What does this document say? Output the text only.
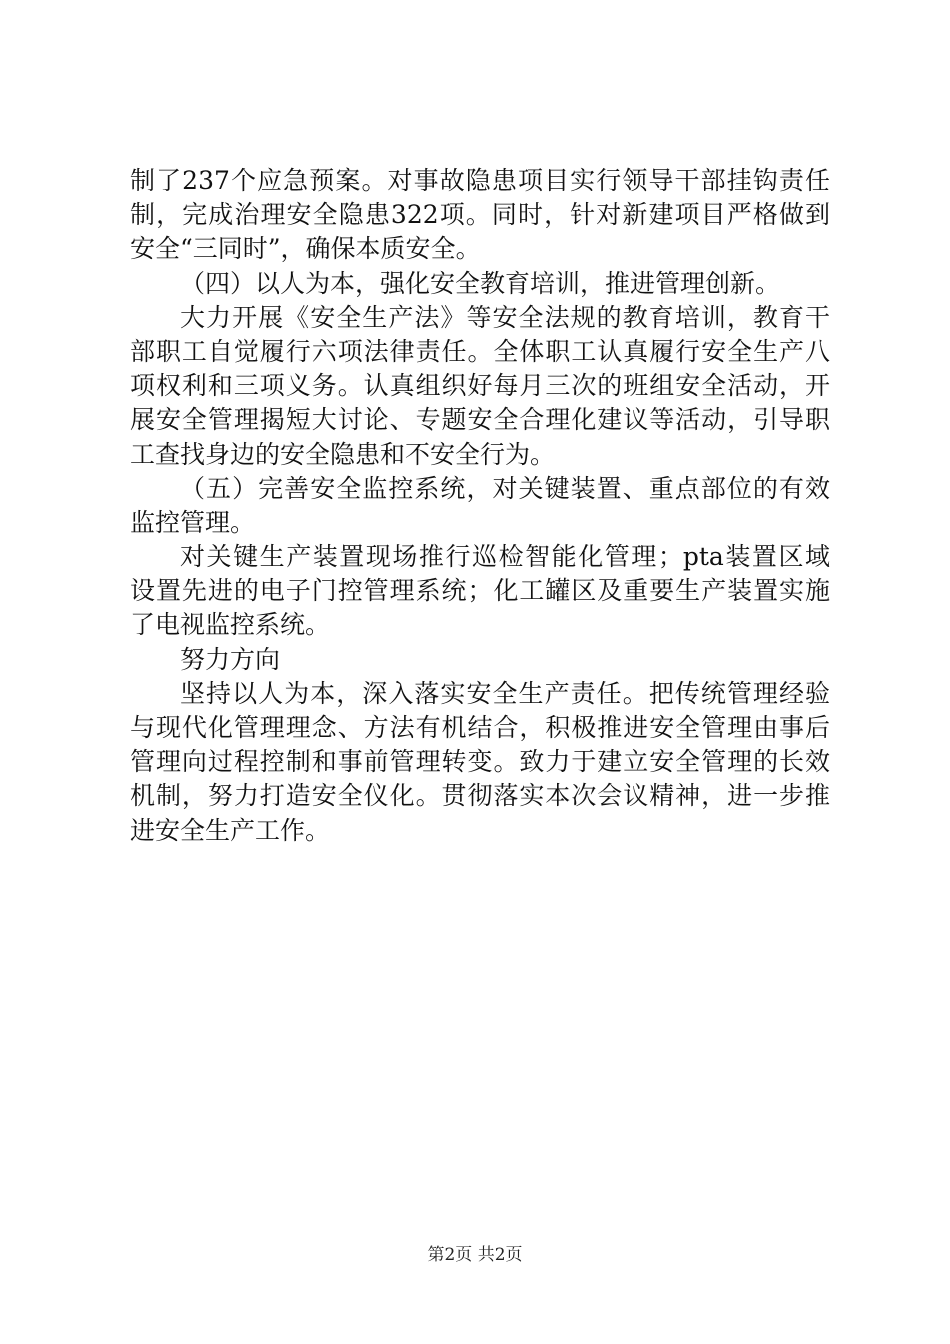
制了237个应急预案。对事故隐患项目实行领导干部挂钩责任
制，完成治理安全隐患322项。同时，针对新建项目严格做到
安全“三同时”，确保本质安全。
（四）以人为本，强化安全教育培训，推进管理创新。
大力开展《安全生产法》等安全法规的教育培训，教育干
部职工自觉履行六项法律责任。全体职工认真履行安全生产八
项权利和三项义务。认真组织好每月三次的班组安全活动，开
展安全管理揭短大讨论、专题安全合理化建议等活动，引导职
工查找身边的安全隐患和不安全行为。
（五）完善安全监控系统，对关键装置、重点部位的有效
监控管理。
对关键生产装置现场推行巡检智能化管理；pta装置区域
设置先进的电子门控管理系统；化工罐区及重要生产装置实施
了电视监控系统。
努力方向
坚持以人为本，深入落实安全生产责任。把传统管理经验
与现代化管理理念、方法有机结合，积极推进安全管理由事后
管理向过程控制和事前管理转变。致力于建立安全管理的长效
机制，努力打造安全仪化。贯彻落实本次会议精神，进一步推
进安全生产工作。
第2页 共2页
